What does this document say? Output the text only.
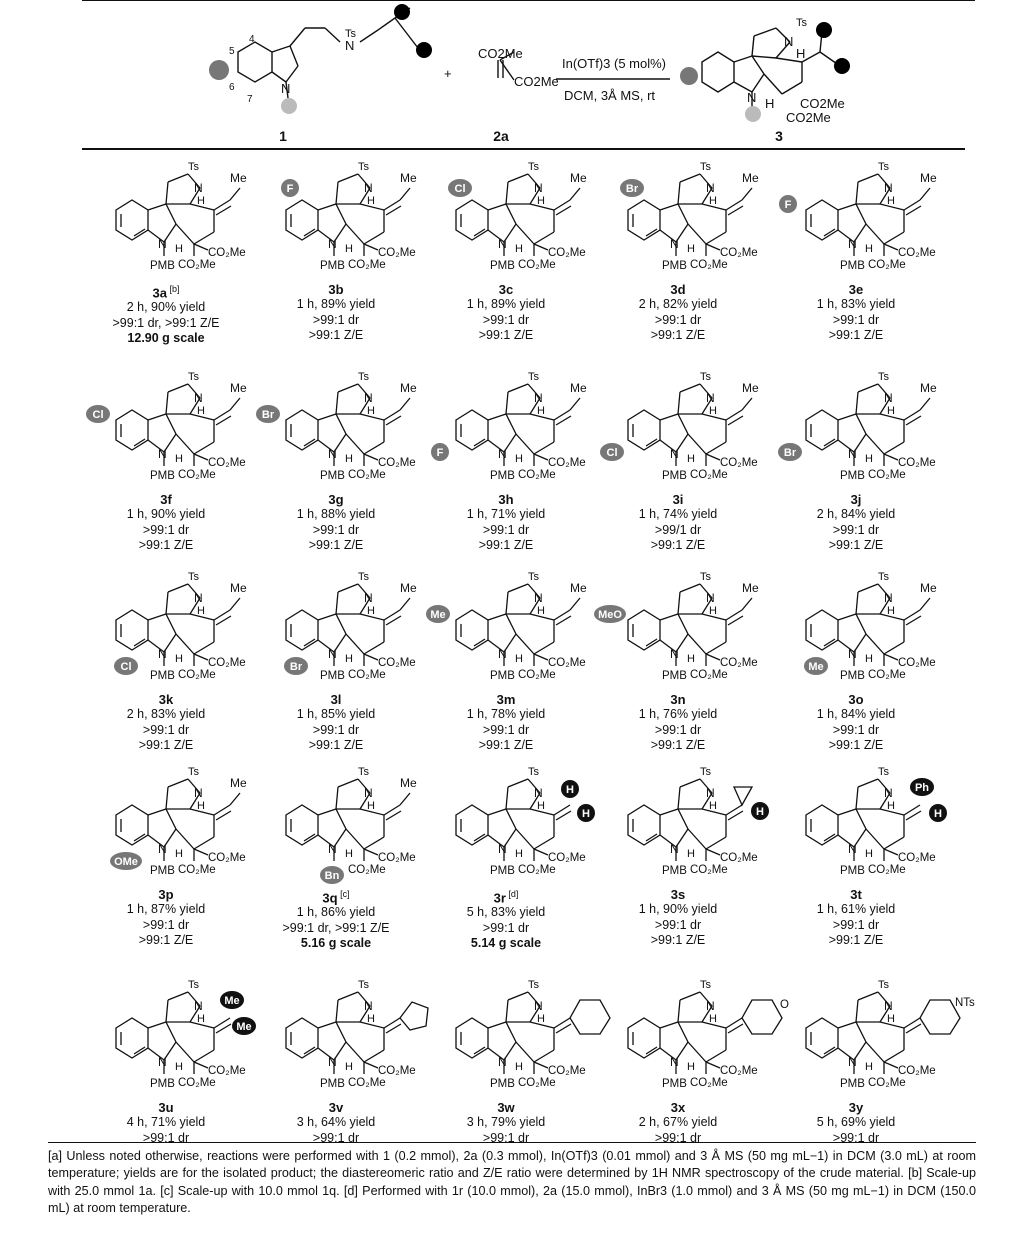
5
4
6
7
N
Ts
N
+
CO2Me
CO2Me
In(OTf)3 (5 mol%)
DCM, 3Å MS, rt
Ts
N
H
N H CO2Me
CO2Me
1	2a	3
Ts
N
H
N H CO₂Me
CO₂Me
PMB
Me
3a [b]
2 h, 90% yield
>99:1 dr, >99:1 Z/E
12.90 g scale
Ts
N
H
N H CO₂Me
CO₂Me
PMB
Me
F
3b
1 h, 89% yield
>99:1 dr
>99:1 Z/E
Ts
N
H
N H CO₂Me
CO₂Me
PMB
Me
Cl
3c
1 h, 89% yield
>99:1 dr
>99:1 Z/E
Ts
N
H
N H CO₂Me
CO₂Me
PMB
Me
Br
3d
2 h, 82% yield
>99:1 dr
>99:1 Z/E
Ts
N
H
N H CO₂Me
CO₂Me
PMB
Me
F
3e
1 h, 83% yield
>99:1 dr
>99:1 Z/E
Ts
N
H
N H CO₂Me
CO₂Me
PMB
Me
Cl
3f
1 h, 90% yield
>99:1 dr
>99:1 Z/E
Ts
N
H
N H CO₂Me
CO₂Me
PMB
Me
Br
3g
1 h, 88% yield
>99:1 dr
>99:1 Z/E
Ts
N
H
N H CO₂Me
CO₂Me
PMB
Me
F
3h
1 h, 71% yield
>99:1 dr
>99:1 Z/E
Ts
N
H
N H CO₂Me
CO₂Me
PMB
Me
Cl
3i
1 h, 74% yield
>99/1 dr
>99:1 Z/E
Ts
N
H
N H CO₂Me
CO₂Me
PMB
Me
Br
3j
2 h, 84% yield
>99:1 dr
>99:1 Z/E
Ts
N
H
N H CO₂Me
CO₂Me
PMB
Me
Cl
3k
2 h, 83% yield
>99:1 dr
>99:1 Z/E
Ts
N
H
N H CO₂Me
CO₂Me
PMB
Me
Br
3l
1 h, 85% yield
>99:1 dr
>99:1 Z/E
Ts
N
H
N H CO₂Me
CO₂Me
PMB
Me
Me
3m
1 h, 78% yield
>99:1 dr
>99:1 Z/E
Ts
N
H
N H CO₂Me
CO₂Me
PMB
Me
MeO
3n
1 h, 76% yield
>99:1 dr
>99:1 Z/E
Ts
N
H
N H CO₂Me
CO₂Me
PMB
Me
Me
3o
1 h, 84% yield
>99:1 dr
>99:1 Z/E
Ts
N
H
N H CO₂Me
CO₂Me
PMB
Me
OMe
3p
1 h, 87% yield
>99:1 dr
>99:1 Z/E
Ts
N
H
N H CO₂Me
CO₂Me
Bn
Me
3q [c]
1 h, 86% yield
>99:1 dr, >99:1 Z/E
5.16 g scale
Ts
N
H
N H CO₂Me
CO₂Me
PMB
H
H
3r [d]
5 h, 83% yield
>99:1 dr
5.14 g scale
Ts
N
H
N H CO₂Me
CO₂Me
PMB
H
3s
1 h, 90% yield
>99:1 dr
>99:1 Z/E
Ts
N
H
N H CO₂Me
CO₂Me
PMB
Ph
H
3t
1 h, 61% yield
>99:1 dr
>99:1 Z/E
Ts
N
H
N H CO₂Me
CO₂Me
PMB
Me
Me
3u
4 h, 71% yield
>99:1 dr
Ts
N
H
N H CO₂Me
CO₂Me
PMB
3v
3 h, 64% yield
>99:1 dr
Ts
N
H
N H CO₂Me
CO₂Me
PMB
3w
3 h, 79% yield
>99:1 dr
Ts
N
H
N H CO₂Me
CO₂Me
PMB
O
3x
2 h, 67% yield
>99:1 dr
Ts
N
H
N H CO₂Me
CO₂Me
PMB
NTs
3y
5 h, 69% yield
>99:1 dr
[a] Unless noted otherwise, reactions were performed with 1 (0.2 mmol), 2a (0.3 mmol), In(OTf)3 (0.01 mmol) and 3 Å MS (50 mg mL−1) in DCM (3.0 mL) at room temperature; yields are for the isolated product; the diastereomeric ratio and Z/E ratio were determined by 1H NMR spectroscopy of the crude material. [b] Scale-up with 25.0 mmol 1a. [c] Scale-up with 10.0 mmol 1q. [d] Performed with 1r (10.0 mmol), 2a (15.0 mmol), InBr3 (1.0 mmol) and 3 Å MS (50 mg mL−1) in DCM (150.0 mL) at room temperature.
